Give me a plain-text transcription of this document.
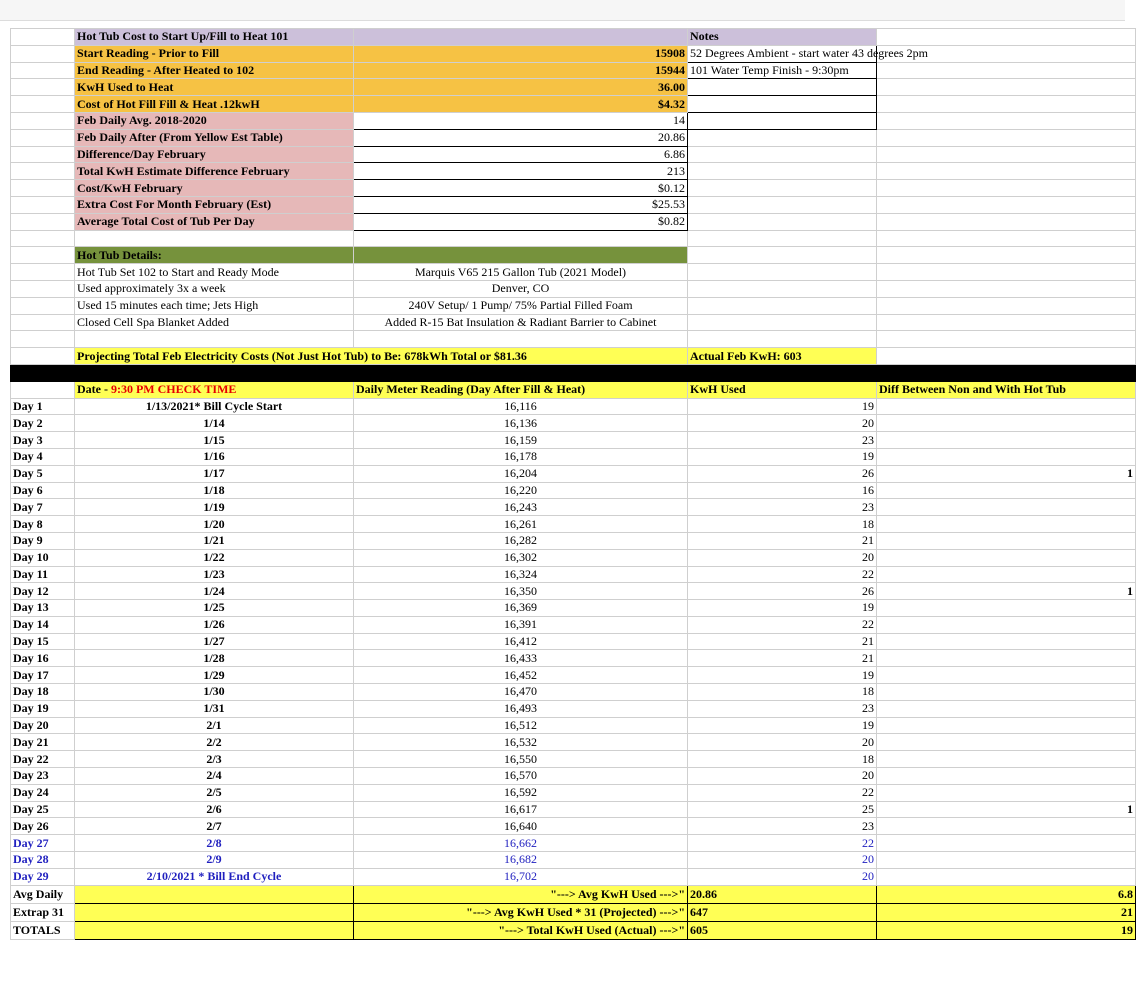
	Hot Tub Cost to Start Up/Fill to Heat 101		Notes	
	Start Reading - Prior to Fill	15908	52 Degrees Ambient - start water 43 degrees 2pm	
	End Reading - After Heated to 102	15944	101 Water Temp Finish - 9:30pm	
	KwH Used to Heat	36.00		
	Cost of Hot Fill Fill & Heat .12kwH	$4.32		
	Feb Daily Avg. 2018-2020	14		
	Feb Daily After (From Yellow Est Table)	20.86		
	Difference/Day February	6.86		
	Total KwH Estimate Difference February	213		
	Cost/KwH February	$0.12		
	Extra Cost For Month February (Est)	$25.53		
	Average Total Cost of Tub Per Day	$0.82		

	Hot Tub Details:			
	Hot Tub Set 102 to Start and Ready Mode	Marquis V65 215 Gallon Tub (2021 Model)		
	Used approximately 3x a week	Denver, CO		
	Used 15 minutes each time; Jets High	240V Setup/ 1 Pump/ 75% Partial Filled Foam		
	Closed Cell Spa Blanket Added	Added R-15 Bat Insulation & Radiant Barrier to Cabinet		

	Projecting Total Feb Electricity Costs (Not Just Hot Tub) to Be: 678kWh Total or $81.36		Actual Feb KwH: 603	

	Date - 9:30 PM CHECK TIME	Daily Meter Reading (Day After Fill & Heat)	KwH Used	Diff Between Non and With Hot Tub
Day 1	1/13/2021* Bill Cycle Start	16,116	19	
Day 2	1/14	16,136	20	
Day 3	1/15	16,159	23	
Day 4	1/16	16,178	19	
Day 5	1/17	16,204	26	1
Day 6	1/18	16,220	16	
Day 7	1/19	16,243	23	
Day 8	1/20	16,261	18	
Day 9	1/21	16,282	21	
Day 10	1/22	16,302	20	
Day 11	1/23	16,324	22	
Day 12	1/24	16,350	26	1
Day 13	1/25	16,369	19	
Day 14	1/26	16,391	22	
Day 15	1/27	16,412	21	
Day 16	1/28	16,433	21	
Day 17	1/29	16,452	19	
Day 18	1/30	16,470	18	
Day 19	1/31	16,493	23	
Day 20	2/1	16,512	19	
Day 21	2/2	16,532	20	
Day 22	2/3	16,550	18	
Day 23	2/4	16,570	20	
Day 24	2/5	16,592	22	
Day 25	2/6	16,617	25	1
Day 26	2/7	16,640	23	
Day 27	2/8	16,662	22	
Day 28	2/9	16,682	20	
Day 29	2/10/2021 * Bill End Cycle	16,702	20	
Avg Daily		"---> Avg KwH Used --->"	20.86	6.8
Extrap 31		"---> Avg KwH Used * 31 (Projected) --->"	647	21
TOTALS		"---> Total KwH Used (Actual) --->"	605	19
